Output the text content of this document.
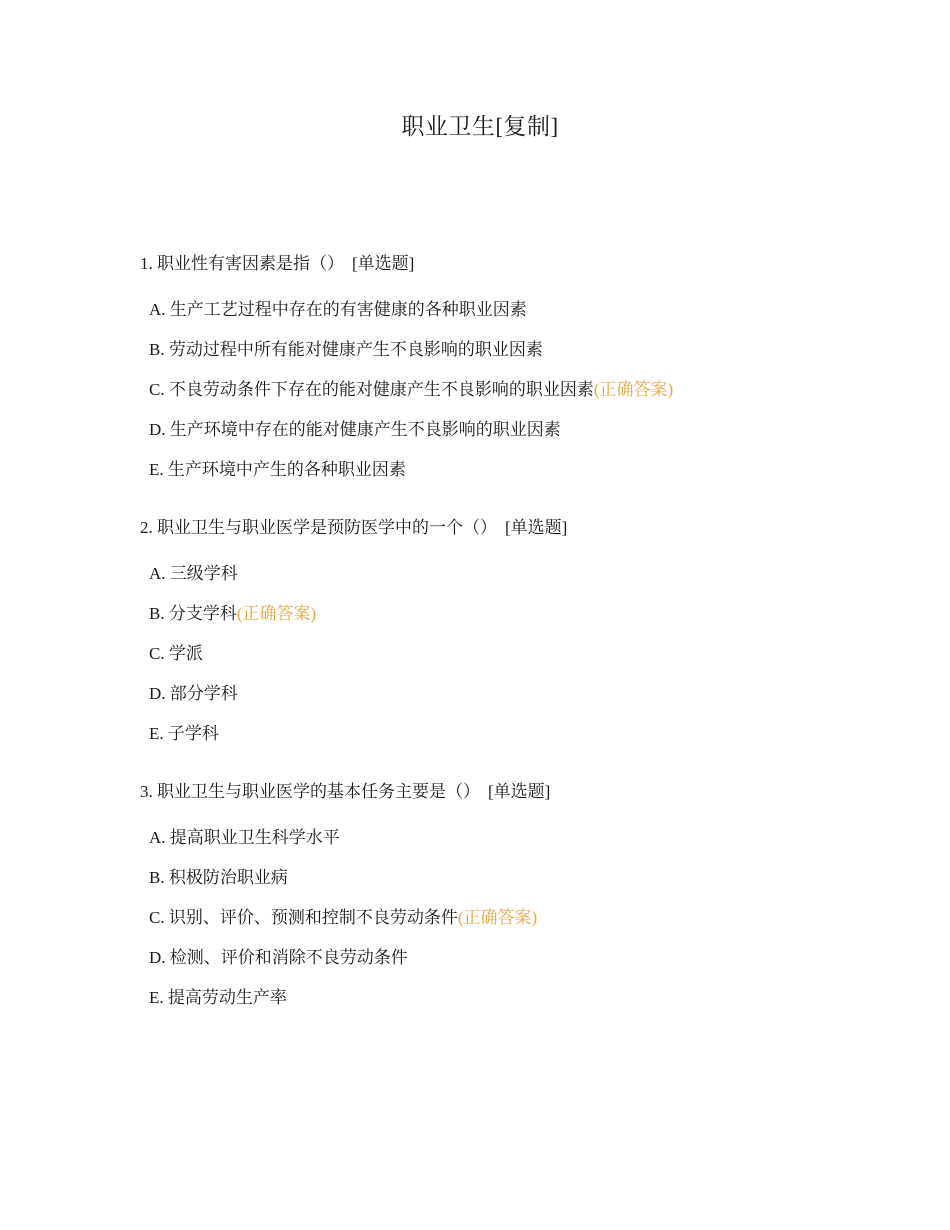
职业卫生[复制]
1. 职业性有害因素是指（） [单选题]
A. 生产工艺过程中存在的有害健康的各种职业因素
B. 劳动过程中所有能对健康产生不良影响的职业因素
C. 不良劳动条件下存在的能对健康产生不良影响的职业因素(正确答案)
D. 生产环境中存在的能对健康产生不良影响的职业因素
E. 生产环境中产生的各种职业因素
2. 职业卫生与职业医学是预防医学中的一个（） [单选题]
A. 三级学科
B. 分支学科(正确答案)
C. 学派
D. 部分学科
E. 子学科
3. 职业卫生与职业医学的基本任务主要是（） [单选题]
A. 提高职业卫生科学水平
B. 积极防治职业病
C. 识别、评价、预测和控制不良劳动条件(正确答案)
D. 检测、评价和消除不良劳动条件
E. 提高劳动生产率
